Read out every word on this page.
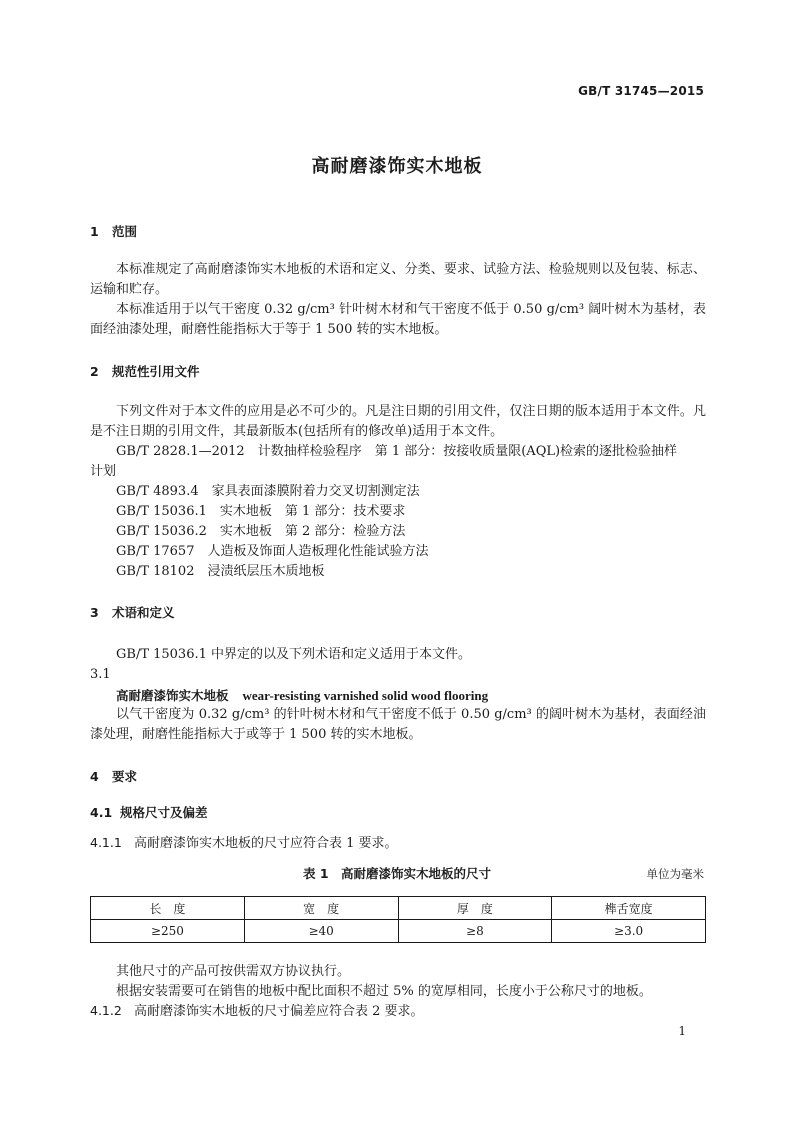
GB/T 31745—2015
高耐磨漆饰实木地板
1 范围
本标准规定了高耐磨漆饰实木地板的术语和定义、分类、要求、试验方法、检验规则以及包装、标志、运输和贮存。
本标准适用于以气干密度 0.32 g/cm³ 针叶树木材和气干密度不低于 0.50 g/cm³ 阔叶树木为基材，表面经油漆处理，耐磨性能指标大于等于 1 500 转的实木地板。
2 规范性引用文件
下列文件对于本文件的应用是必不可少的。凡是注日期的引用文件，仅注日期的版本适用于本文件。凡是不注日期的引用文件，其最新版本(包括所有的修改单)适用于本文件。
GB/T 2828.1—2012　计数抽样检验程序　第 1 部分：按接收质量限(AQL)检索的逐批检验抽样
计划
GB/T 4893.4　家具表面漆膜附着力交叉切割测定法
GB/T 15036.1　实木地板　第 1 部分：技术要求
GB/T 15036.2　实木地板　第 2 部分：检验方法
GB/T 17657　人造板及饰面人造板理化性能试验方法
GB/T 18102　浸渍纸层压木质地板
3 术语和定义
GB/T 15036.1 中界定的以及下列术语和定义适用于本文件。
3.1
高耐磨漆饰实木地板 wear-resisting varnished solid wood flooring
以气干密度为 0.32 g/cm³ 的针叶树木材和气干密度不低于 0.50 g/cm³ 的阔叶树木为基材，表面经油漆处理，耐磨性能指标大于或等于 1 500 转的实木地板。
4 要求
4.1 规格尺寸及偏差
4.1.1 高耐磨漆饰实木地板的尺寸应符合表 1 要求。
表 1　高耐磨漆饰实木地板的尺寸	单位为毫米
长　度	宽　度	厚　度	榫舌宽度
≥250	≥40	≥8	≥3.0
其他尺寸的产品可按供需双方协议执行。
根据安装需要可在销售的地板中配比面积不超过 5% 的宽厚相同，长度小于公称尺寸的地板。
4.1.2 高耐磨漆饰实木地板的尺寸偏差应符合表 2 要求。
1
